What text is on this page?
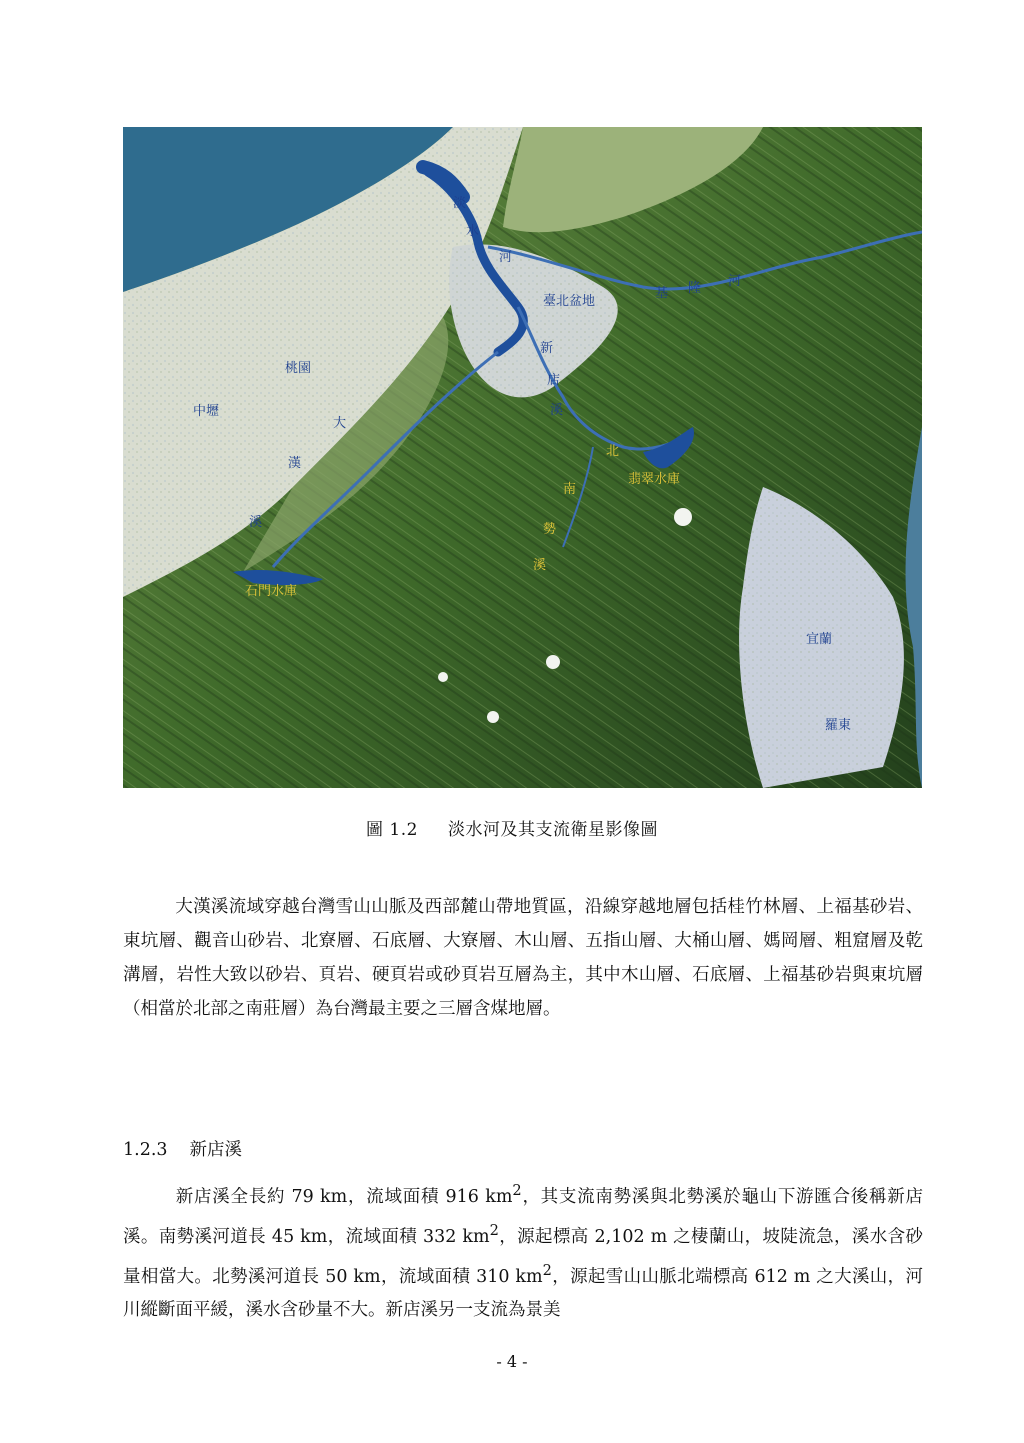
淡
水
河
臺北盆地
基 隆 河
新
店
溪
桃園
中壢
大
漢
溪
石門水庫
北
翡翠水庫
南
勢
溪
宜蘭
羅東
圖 1.2 淡水河及其支流衛星影像圖

大漢溪流域穿越台灣雪山山脈及西部麓山帶地質區，沿線穿越地層包括桂竹林層、上福基砂岩、東坑層、觀音山砂岩、北寮層、石底層、大寮層、木山層、五指山層、大桶山層、媽岡層、粗窟層及乾溝層，岩性大致以砂岩、頁岩、硬頁岩或砂頁岩互層為主，其中木山層、石底層、上福基砂岩與東坑層（相當於北部之南莊層）為台灣最主要之三層含煤地層。

1.2.3 新店溪

新店溪全長約 79 km，流域面積 916 $km^2$，其支流南勢溪與北勢溪於龜山下游匯合後稱新店溪。南勢溪河道長 45 km，流域面積 332 $km^2$，源起標高 2,102 m 之棲蘭山，坡陡流急，溪水含砂量相當大。北勢溪河道長 50 km，流域面積 310 $km^2$，源起雪山山脈北端標高 612 m 之大溪山，河川縱斷面平緩，溪水含砂量不大。新店溪另一支流為景美

- 4 -
